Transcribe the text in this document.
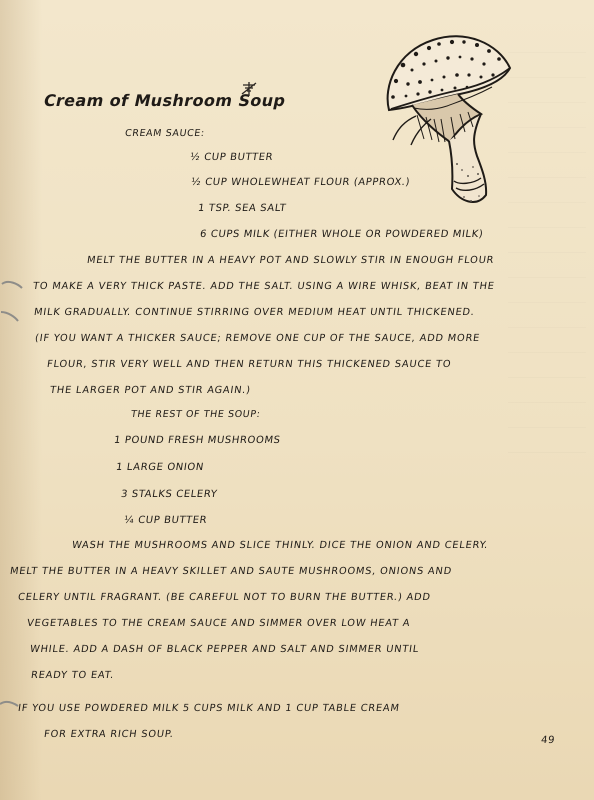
Cream of Mushroom Soup
CREAM SAUCE:
½ CUP BUTTER
½ CUP WHOLEWHEAT FLOUR (APPROX.)
1 TSP. SEA SALT
6 CUPS MILK (EITHER WHOLE OR POWDERED MILK)
MELT THE BUTTER IN A HEAVY POT AND SLOWLY STIR IN ENOUGH FLOUR
TO MAKE A VERY THICK PASTE. ADD THE SALT. USING A WIRE WHISK, BEAT IN THE
MILK GRADUALLY. CONTINUE STIRRING OVER MEDIUM HEAT UNTIL THICKENED.
(IF YOU WANT A THICKER SAUCE; REMOVE ONE CUP OF THE SAUCE, ADD MORE
FLOUR, STIR VERY WELL AND THEN RETURN THIS THICKENED SAUCE TO
THE LARGER POT AND STIR AGAIN.)
THE REST OF THE SOUP:
1 POUND FRESH MUSHROOMS
1 LARGE ONION
3 STALKS CELERY
¼ CUP BUTTER
WASH THE MUSHROOMS AND SLICE THINLY. DICE THE ONION AND CELERY.
MELT THE BUTTER IN A HEAVY SKILLET AND SAUTE MUSHROOMS, ONIONS AND
CELERY UNTIL FRAGRANT. (BE CAREFUL NOT TO BURN THE BUTTER.) ADD
VEGETABLES TO THE CREAM SAUCE AND SIMMER OVER LOW HEAT A
WHILE. ADD A DASH OF BLACK PEPPER AND SALT AND SIMMER UNTIL
READY TO EAT.
IF YOU USE POWDERED MILK 5 CUPS MILK AND 1 CUP TABLE CREAM
FOR EXTRA RICH SOUP.
49
